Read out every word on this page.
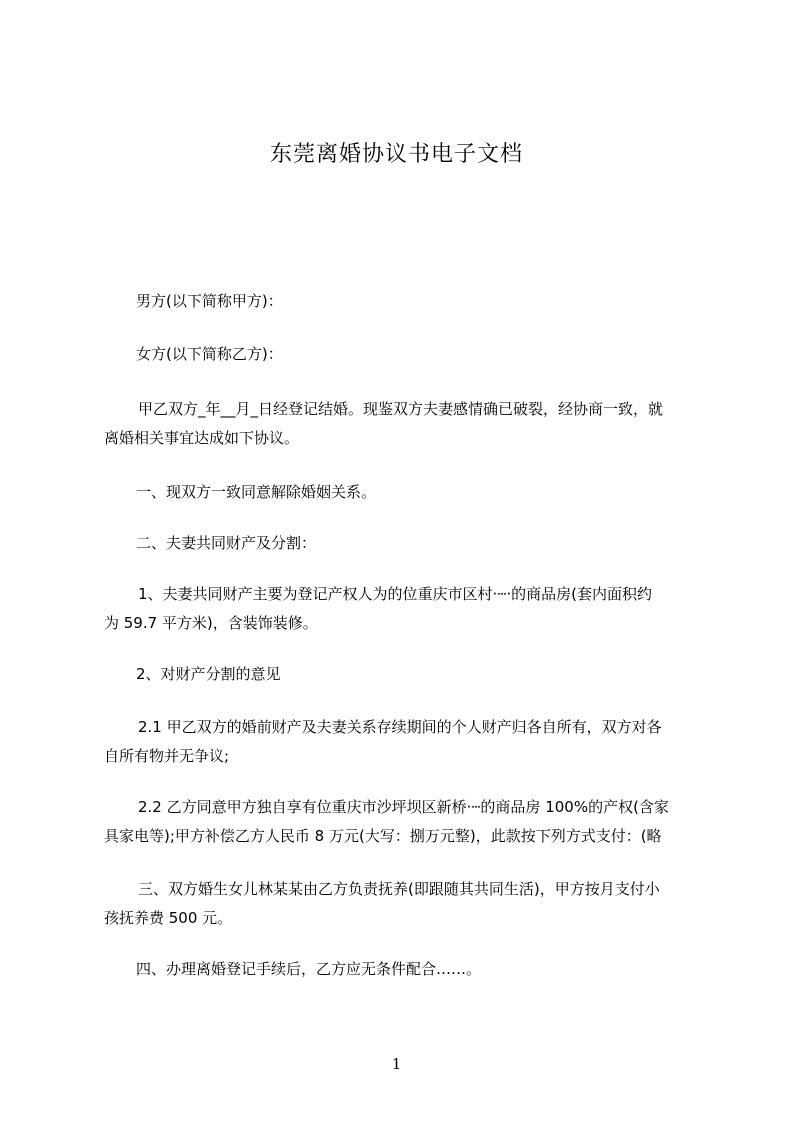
东莞离婚协议书电子文档
男方(以下简称甲方)：
女方(以下简称乙方)：
甲乙双方_年__月_日经登记结婚。现鉴双方夫妻感情确已破裂，经协商一致，就
离婚相关事宜达成如下协议。
一、现双方一致同意解除婚姻关系。
二、夫妻共同财产及分割：
1、夫妻共同财产主要为登记产权人为的位重庆市区村·┄·的商品房(套内面积约
为 59.7 平方米)，含装饰装修。
2、对财产分割的意见
2.1 甲乙双方的婚前财产及夫妻关系存续期间的个人财产归各自所有，双方对各
自所有物并无争议;
2.2 乙方同意甲方独自享有位重庆市沙坪坝区新桥·┄的商品房 100%的产权(含家
具家电等);甲方补偿乙方人民币 8 万元(大写：捌万元整)，此款按下列方式支付：(略
三、双方婚生女儿林某某由乙方负责抚养(即跟随其共同生活)，甲方按月支付小
孩抚养费 500 元。
四、办理离婚登记手续后，乙方应无条件配合……。
1
